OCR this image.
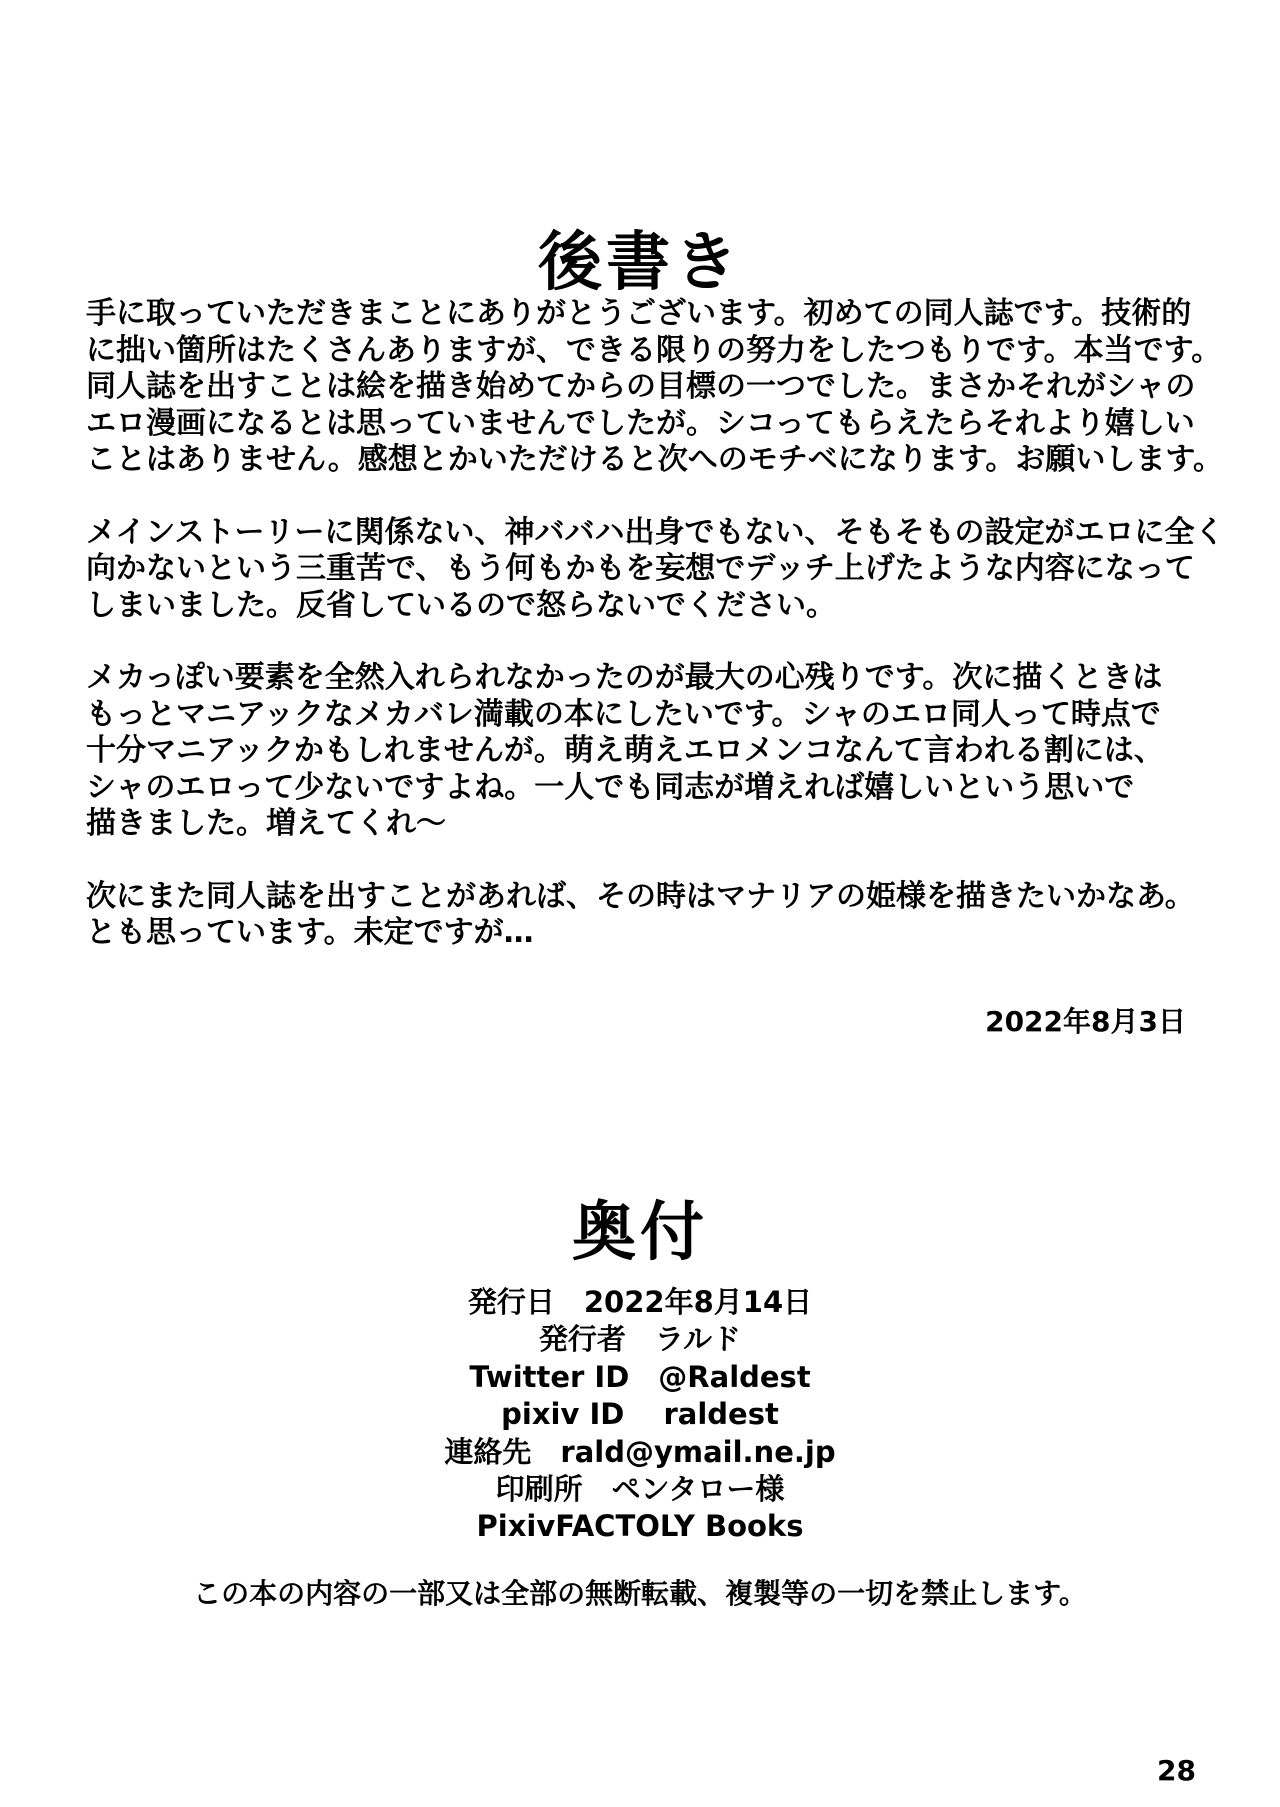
後書き
手に取っていただきまことにありがとうございます。初めての同人誌です。技術的
に拙い箇所はたくさんありますが、できる限りの努力をしたつもりです。本当です。
同人誌を出すことは絵を描き始めてからの目標の一つでした。まさかそれがシャの
エロ漫画になるとは思っていませんでしたが。シコってもらえたらそれより嬉しい
ことはありません。感想とかいただけると次へのモチベになります。お願いします。
メインストーリーに関係ない、神ババハ出身でもない、そもそもの設定がエロに全く
向かないという三重苦で、もう何もかもを妄想でデッチ上げたような内容になって
しまいました。反省しているので怒らないでください。
メカっぽい要素を全然入れられなかったのが最大の心残りです。次に描くときは
もっとマニアックなメカバレ満載の本にしたいです。シャのエロ同人って時点で
十分マニアックかもしれませんが。萌え萌えエロメンコなんて言われる割には、
シャのエロって少ないですよね。一人でも同志が増えれば嬉しいという思いで
描きました。増えてくれ～
次にまた同人誌を出すことがあれば、その時はマナリアの姫様を描きたいかなあ。
とも思っています。未定ですが…
2022年8月3日
奥付
発行日　2022年8月14日
発行者　ラルド
Twitter ID　@Raldest
pixiv ID　 raldest
連絡先　rald@ymail.ne.jp
印刷所　ペンタロー様
PixivFACTOLY Books
この本の内容の一部又は全部の無断転載、複製等の一切を禁止します。
28
